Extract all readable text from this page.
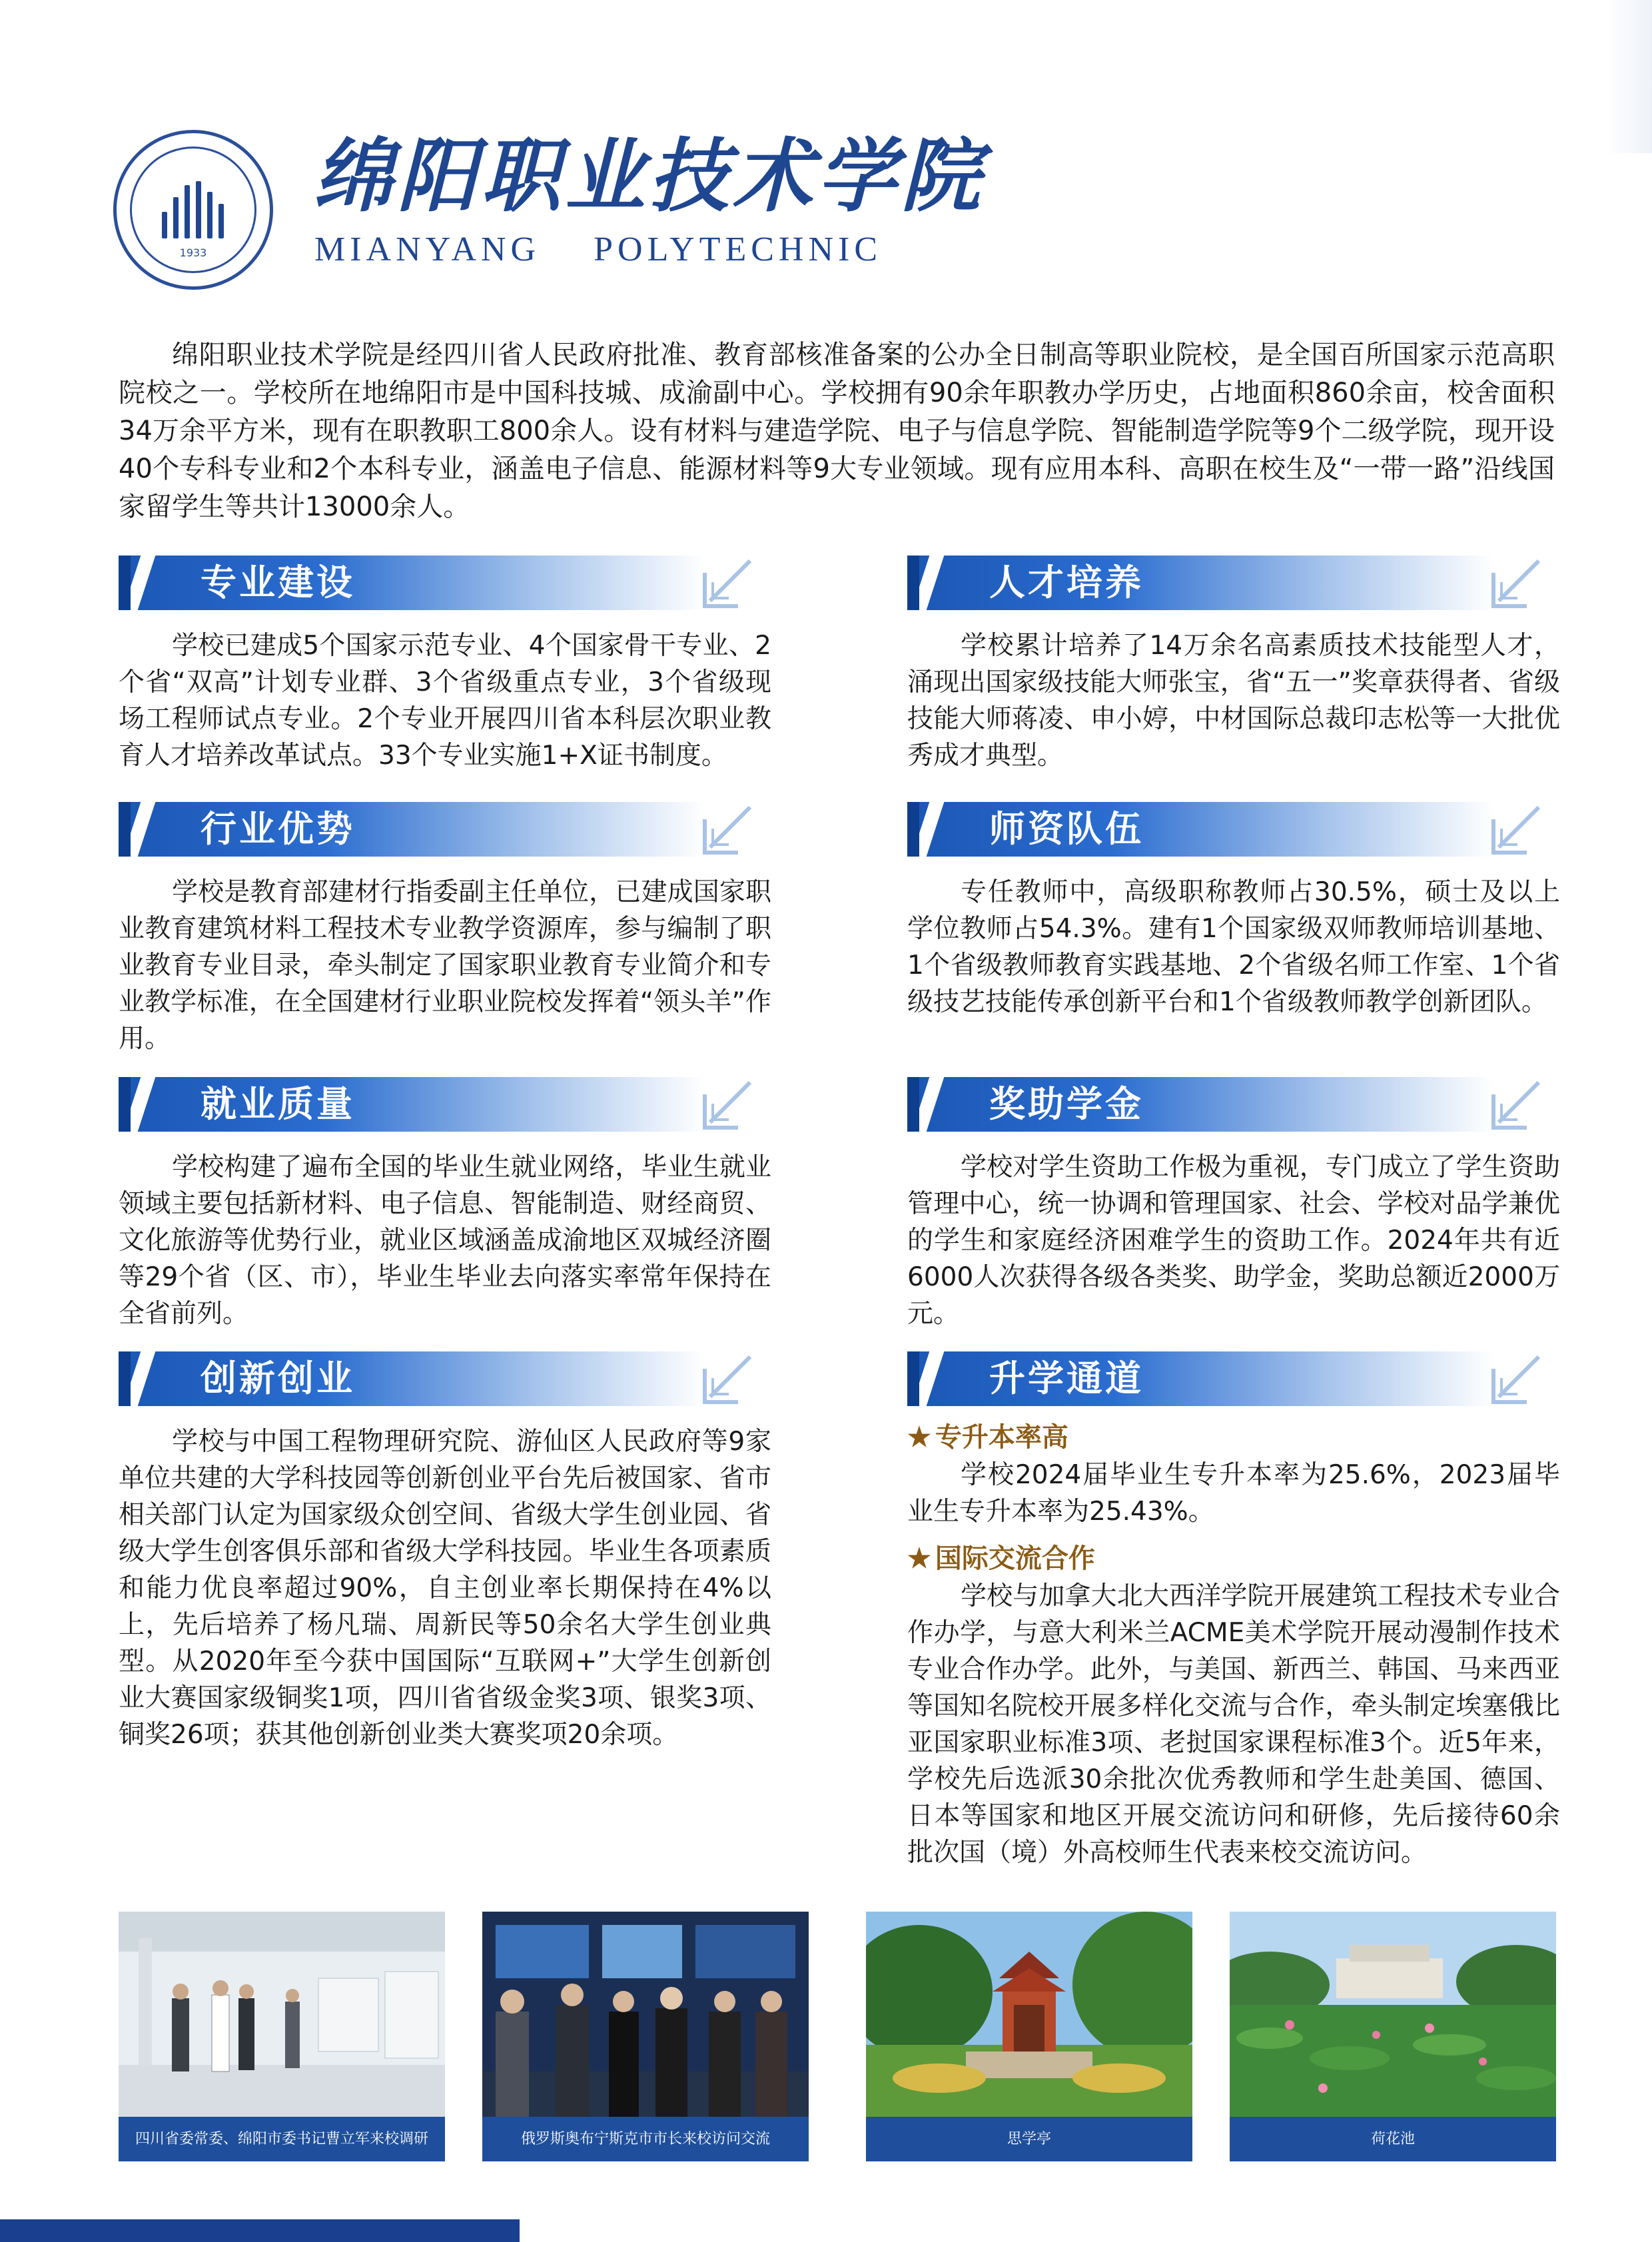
1933
绵阳职业技术学院
MIANYANG    POLYTECHNIC

绵阳职业技术学院是经四川省人民政府批准、教育部核准备案的公办全日制高等职业院校，是全国百所国家示范高职院校之一。学校所在地绵阳市是中国科技城、成渝副中心。学校拥有90余年职教办学历史，占地面积860余亩，校舍面积34万余平方米，现有在职教职工800余人。设有材料与建造学院、电子与信息学院、智能制造学院等9个二级学院，现开设40个专科专业和2个本科专业，涵盖电子信息、能源材料等9大专业领域。现有应用本科、高职在校生及“一带一路”沿线国家留学生等共计13000余人。

专业建设

学校已建成5个国家示范专业、4个国家骨干专业、2个省“双高”计划专业群、3个省级重点专业，3个省级现场工程师试点专业。2个专业开展四川省本科层次职业教育人才培养改革试点。33个专业实施1+X证书制度。

行业优势

学校是教育部建材行指委副主任单位，已建成国家职业教育建筑材料工程技术专业教学资源库，参与编制了职业教育专业目录，牵头制定了国家职业教育专业简介和专业教学标准，在全国建材行业职业院校发挥着“领头羊”作用。

就业质量

学校构建了遍布全国的毕业生就业网络，毕业生就业领域主要包括新材料、电子信息、智能制造、财经商贸、文化旅游等优势行业，就业区域涵盖成渝地区双城经济圈等29个省（区、市），毕业生毕业去向落实率常年保持在全省前列。

创新创业

学校与中国工程物理研究院、游仙区人民政府等9家单位共建的大学科技园等创新创业平台先后被国家、省市相关部门认定为国家级众创空间、省级大学生创业园、省级大学生创客俱乐部和省级大学科技园。毕业生各项素质和能力优良率超过90%，自主创业率长期保持在4%以上，先后培养了杨凡瑞、周新民等50余名大学生创业典型。从2020年至今获中国国际“互联网+”大学生创新创业大赛国家级铜奖1项，四川省省级金奖3项、银奖3项、铜奖26项；获其他创新创业类大赛奖项20余项。

人才培养

学校累计培养了14万余名高素质技术技能型人才，涌现出国家级技能大师张宝，省“五一”奖章获得者、省级技能大师蒋凌、申小婷，中材国际总裁印志松等一大批优秀成才典型。

师资队伍

专任教师中，高级职称教师占30.5%，硕士及以上学位教师占54.3%。建有1个国家级双师教师培训基地、1个省级教师教育实践基地、2个省级名师工作室、1个省级技艺技能传承创新平台和1个省级教师教学创新团队。

奖助学金

学校对学生资助工作极为重视，专门成立了学生资助管理中心，统一协调和管理国家、社会、学校对品学兼优的学生和家庭经济困难学生的资助工作。2024年共有近6000人次获得各级各类奖、助学金，奖助总额近2000万元。

升学通道

★ 专升本率高

学校2024届毕业生专升本率为25.6%，2023届毕业生专升本率为25.43%。

★ 国际交流合作

学校与加拿大北大西洋学院开展建筑工程技术专业合作办学，与意大利米兰ACME美术学院开展动漫制作技术专业合作办学。此外，与美国、新西兰、韩国、马来西亚等国知名院校开展多样化交流与合作，牵头制定埃塞俄比亚国家职业标准3项、老挝国家课程标准3个。近5年来，学校先后选派30余批次优秀教师和学生赴美国、德国、日本等国家和地区开展交流访问和研修，先后接待60余批次国（境）外高校师生代表来校交流访问。

四川省委常委、绵阳市委书记曹立军来校调研	俄罗斯奥布宁斯克市市长来校访问交流	思学亭	荷花池
